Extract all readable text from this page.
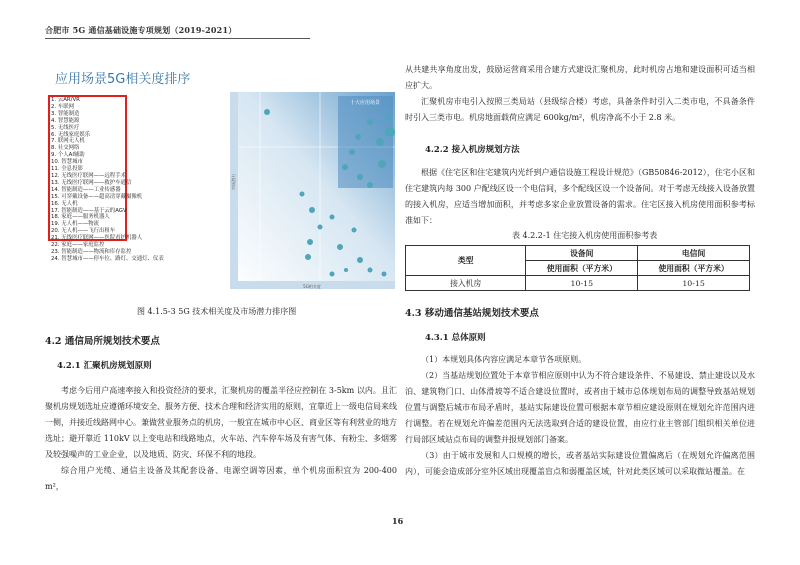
合肥市 5G 通信基础设施专项规划（2019-2021）
应用场景5G相关度排序
1. 云AR/VR
2. 车联网
3. 智能制造
4. 智慧能源
5. 无线医疗
6. 无线家庭娱乐
7. 联网无人机
8. 社交网络
9. 个人AI辅助
10. 智慧城市
11. 全息投影
12. 无线医疗联网——远程手术
13. 无线医疗联网——救护车通信
14. 智能制造——工业传感器
15. 可穿戴设备——超高清穿戴摄像机
16. 无人机
17. 智能制造——基于云的AGV
18. 家庭——服务机器人
19. 无人机——物流
20. 无人机——飞行出租车
21. 无线医疗联网——医院看护机器人
22. 家庭——家庭监控
23. 智能制造——物流和库存监控
24. 智慧城市——停车位、路灯、交通灯、仪表
十大应用场景
5G相关度
市场潜力
图 4.1.5-3 5G 技术相关度及市场潜力排序图
4.2 通信局所规划技术要点
4.2.1 汇聚机房规划原则

考虑今后用户高速率接入和投资经济的要求，汇聚机房的覆盖半径应控制在 3-5km 以内。且汇聚机房规划选址应遵循环境安全、服务方便、技术合理和经济实用的原则，宜靠近上一级电信局来线一侧，并接近线路网中心。兼做营业服务点的机房，一般宜在城市中心区、商业区等有利营业的地方选址；避开靠近 110kV 以上变电站和线路地点，火车站、汽车停车场及有害气体、有粉尘、多烟雾及较强噪声的工业企业，以及地质、防灾、环保不利的地段。

综合用户光缆、通信主设备及其配套设备、电源空调等因素，单个机房面积宜为 200-400 m²，

从共建共享角度出发，鼓励运营商采用合建方式建设汇聚机房，此时机房占地和建设面积可适当相应扩大。

汇聚机房市电引入按照三类局站（县级综合楼）考虑，具备条件时引入二类市电，不具备条件时引入三类市电。机房地面载荷应满足 600kg/m²，机房净高不小于 2.8 米。

4.2.2 接入机房规划方法

根据《住宅区和住宅建筑内光纤到户通信设施工程设计规范》（GB50846-2012），住宅小区和住宅建筑内每 300 户配线区设一个电信间，多个配线区设一个设备间。对于考虑无线接入设备放置的接入机房，应适当增加面积，并考虑多家企业放置设备的需求。住宅区接入机房使用面积参考标准如下：

表 4.2.2-1 住宅接入机房使用面积参考表
类型	设备间	电信间
	使用面积（平方米）	使用面积（平方米）
接入机房	10-15	10-15
4.3 移动通信基站规划技术要点
4.3.1 总体原则

（1）本规划具体内容应满足本章节各项原则。

（2）当基站规划位置处于本章节相应原则中认为不符合建设条件、不易建设、禁止建设以及水泊、建筑物门口、山体滑坡等不适合建设位置时，或者由于城市总体规划布局的调整导致基站规划位置与调整后城市布局矛盾时，基站实际建设位置可根据本章节相应建设原则在规划允许范围内进行调整。若在规划允许偏差范围内无法选取到合适的建设位置，由应行业主管部门组织相关单位进行局部区域站点布局的调整并报规划部门备案。

（3）由于城市发展和人口规模的增长，或者基站实际建设位置偏离后（在规划允许偏离范围内），可能会造成部分室外区域出现覆盖盲点和弱覆盖区域，针对此类区域可以采取微站覆盖。在

16
